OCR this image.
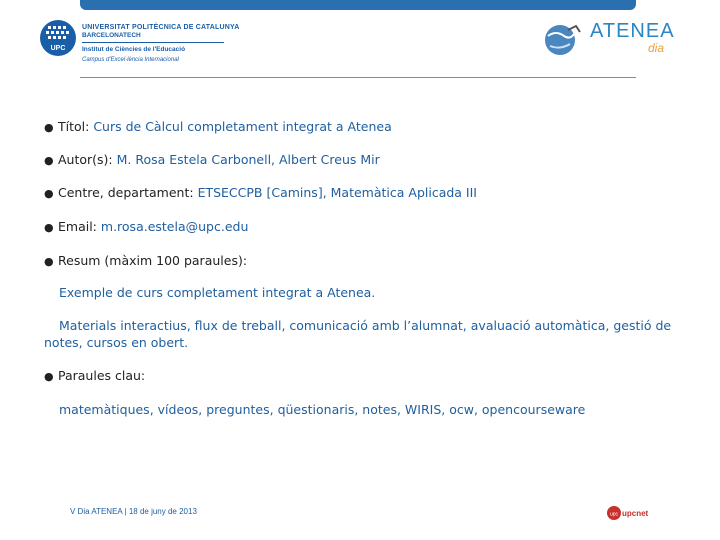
UPC
UNIVERSITAT POLITÈCNICA DE CATALUNYA
BARCELONATECH
Institut de Ciències de l'Educació
Campus d'Excel·lència Internacional
ATENEA
dia
● Títol: Curs de Càlcul completament integrat a Atenea
● Autor(s): M. Rosa Estela Carbonell, Albert Creus Mir
● Centre, departament: ETSECCPB [Camins], Matemàtica Aplicada III
● Email: m.rosa.estela@upc.edu
● Resum (màxim 100 paraules):
Exemple de curs completament integrat a Atenea.
Materials interactius, flux de treball, comunicació amb l’alumnat, avaluació automàtica, gestió de
notes, cursos en obert.
● Paraules clau:
matemàtiques, vídeos, preguntes, qüestionaris, notes, WIRIS, ocw, opencourseware
V Dia ATENEA | 18 de juny de 2013	upc upcnet
